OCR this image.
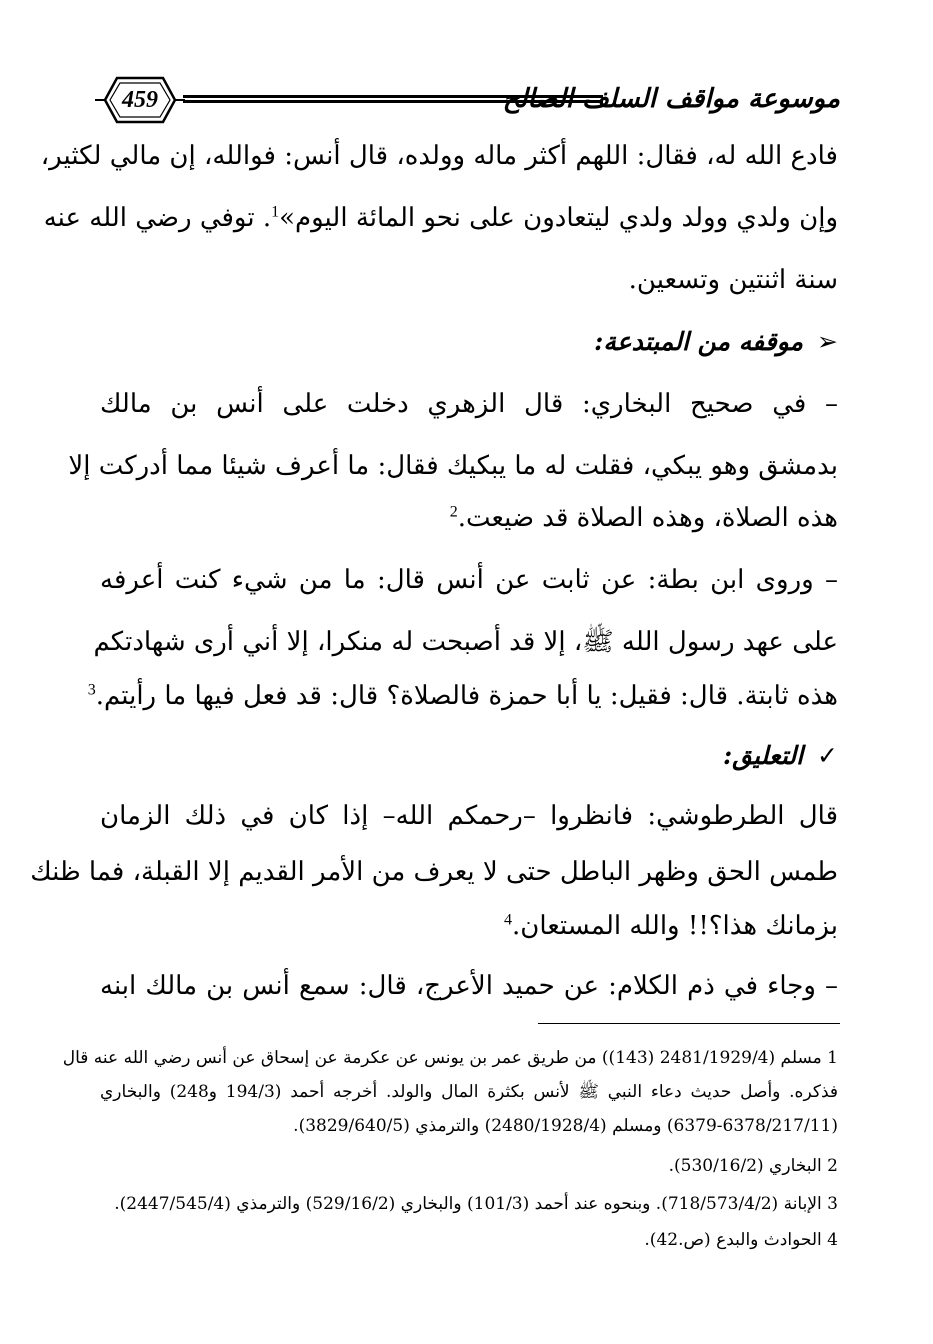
459	موسوعة مواقف السلف الصالح
فادع الله له، فقال: اللهم أكثر ماله وولده، قال أنس: فوالله، إن مالي لكثير،
وإن ولدي وولد ولدي ليتعادون على نحو المائة اليوم»$^1$. توفي رضي الله عنه
سنة اثنتين وتسعين.
➢موقفه من المبتدعة:
– في صحيح البخاري: قال الزهري دخلت على أنس بن مالك
بدمشق وهو يبكي، فقلت له ما يبكيك فقال: ما أعرف شيئا مما أدركت إلا
هذه الصلاة، وهذه الصلاة قد ضيعت.$^2$
– وروى ابن بطة: عن ثابت عن أنس قال: ما من شيء كنت أعرفه
على عهد رسول الله ﷺ، إلا قد أصبحت له منكرا، إلا أني أرى شهادتكم
هذه ثابتة. قال: فقيل: يا أبا حمزة فالصلاة؟ قال: قد فعل فيها ما رأيتم.$^3$
✓التعليق:
قال الطرطوشي: فانظروا –رحمكم الله– إذا كان في ذلك الزمان
طمس الحق وظهر الباطل حتى لا يعرف من الأمر القديم إلا القبلة، فما ظنك
بزمانك هذا؟!! والله المستعان.$^4$
– وجاء في ذم الكلام: عن حميد الأعرج، قال: سمع أنس بن مالك ابنه
1 مسلم (2481/1929/4 (143)) من طريق عمر بن يونس عن عكرمة عن إسحاق عن أنس رضي الله عنه قال
فذكره. وأصل حديث دعاء النبي ﷺ لأنس بكثرة المال والولد. أخرجه أحمد (194/3 و248) والبخاري
(6379-6378/217/11) ومسلم (2480/1928/4) والترمذي (3829/640/5).
2 البخاري (530/16/2).
3 الإبانة (718/573/4/2). وبنحوه عند أحمد (101/3) والبخاري (529/16/2) والترمذي (2447/545/4).
4 الحوادث والبدع (ص.42).
